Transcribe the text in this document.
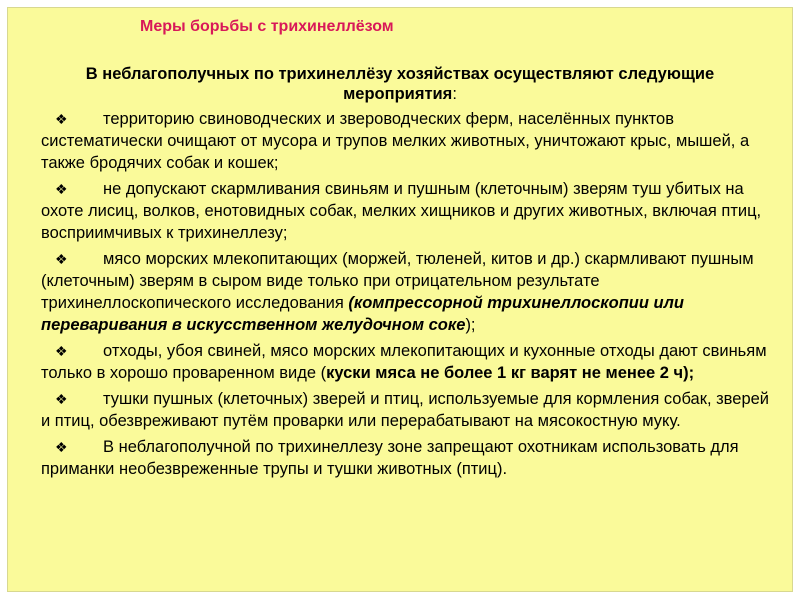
Меры борьбы с трихинеллёзом
В неблагополучных по трихинеллёзу хозяйствах осуществляют следующие мероприятия:
❖	территорию свиноводческих и звероводческих ферм, населённых пунктов систематически очищают от мусора и трупов мелких животных, уничтожают крыс, мышей, а также бродячих собак и кошек;

❖	не допускают скармливания свиньям и пушным (клеточным) зверям туш убитых на охоте лисиц, волков, енотовидных собак, мелких хищников и других животных, включая птиц, восприимчивых к трихинеллезу;

❖	мясо морских млекопитающих (моржей, тюленей, китов и др.) скармливают пушным (клеточным) зверям в сыром виде только при отрицательном результате трихинеллоскопического исследования (компрессорной трихинеллоскопии или переваривания в искусственном желудочном соке);

❖	отходы, убоя свиней, мясо морских млекопитающих и кухонные отходы дают свиньям только в хорошо проваренном виде (куски мяса не более 1 кг варят не менее 2 ч);

❖	тушки пушных (клеточных) зверей и птиц, используемые для кормления собак, зверей и птиц, обезвреживают путём проварки или перерабатывают на мясокостную муку.

❖	В неблагополучной по трихинеллезу зоне запрещают охотникам использовать для приманки необезвреженные трупы и тушки животных (птиц).
